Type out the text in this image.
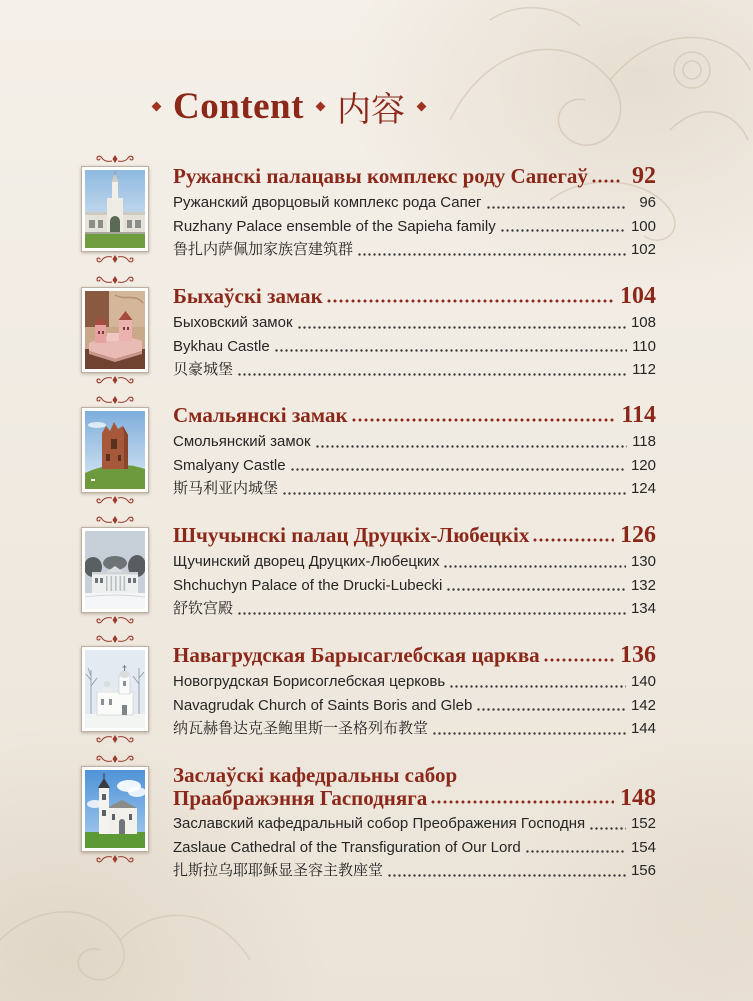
Content 内容
Ружанскі палацавы комплекс роду Сапегаў 92
Ружанский дворцовый комплекс рода Сапег	96
Ruzhany Palace ensemble of the Sapieha family	100
鲁扎内萨佩加家族宫建筑群	102
Быхаўскі замак	104
Быховский замок	108
Bykhau Castle	110
贝豪城堡	112
Смальянскі замак	114
Смольянский замок	118
Smalyany Castle	120
斯马利亚内城堡	124
Шчучынскі палац Друцкіх-Любецкіх	126
Щучинский дворец Друцких-Любецких	130
Shchuchyn Palace of the Drucki-Lubecki	132
舒钦宫殿	134
Навагрудская Барысаглебская царква	136
Новогрудская Борисоглебская церковь	140
Navagrudak Church of Saints Boris and Gleb	142
纳瓦赫鲁达克圣鲍里斯一圣格列布教堂	144
Заслаўскі кафедральны сабор
Праабражэння Гасподняга	148
Заславский кафедральный собор Преображения Господня	152
Zaslaue Cathedral of the Transfiguration of Our Lord	154
扎斯拉乌耶耶稣显圣容主教座堂	156
